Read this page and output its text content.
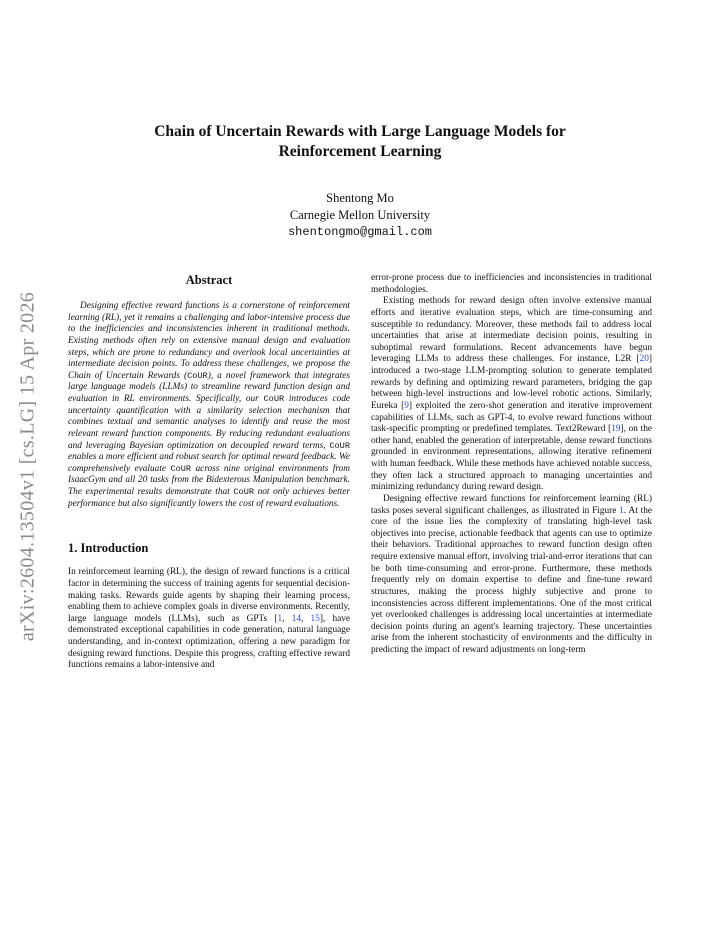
Chain of Uncertain Rewards with Large Language Models for
Reinforcement Learning
Shentong Mo
Carnegie Mellon University
shentongmo@gmail.com
arXiv:2604.13504v1 [cs.LG] 15 Apr 2026
Abstract

Designing effective reward functions is a cornerstone of reinforcement learning (RL), yet it remains a challenging and labor-intensive process due to the inefficiencies and inconsistencies inherent in traditional methods. Existing methods often rely on extensive manual design and evaluation steps, which are prone to redundancy and overlook local uncertainties at intermediate decision points. To address these challenges, we propose the Chain of Uncertain Rewards (CoUR), a novel framework that integrates large language models (LLMs) to streamline reward function design and evaluation in RL environments. Specifically, our CoUR introduces code uncertainty quantification with a similarity selection mechanism that combines textual and semantic analyses to identify and reuse the most relevant reward function components. By reducing redundant evaluations and leveraging Bayesian optimization on decoupled reward terms, CoUR enables a more efficient and robust search for optimal reward feedback. We comprehensively evaluate CoUR across nine original environments from IsaacGym and all 20 tasks from the Bidexterous Manipulation benchmark. The experimental results demonstrate that CoUR not only achieves better performance but also significantly lowers the cost of reward evaluations.

1. Introduction

In reinforcement learning (RL), the design of reward functions is a critical factor in determining the success of training agents for sequential decision-making tasks. Rewards guide agents by shaping their learning process, enabling them to achieve complex goals in diverse environments. Recently, large language models (LLMs), such as GPTs [1, 14, 15], have demonstrated exceptional capabilities in code generation, natural language understanding, and in-context optimization, offering a new paradigm for designing reward functions. Despite this progress, crafting effective reward functions remains a labor-intensive and

error-prone process due to inefficiencies and inconsistencies in traditional methodologies.

Existing methods for reward design often involve extensive manual efforts and iterative evaluation steps, which are time-consuming and susceptible to redundancy. Moreover, these methods fail to address local uncertainties that arise at intermediate decision points, resulting in suboptimal reward formulations. Recent advancements have begun leveraging LLMs to address these challenges. For instance, L2R [20] introduced a two-stage LLM-prompting solution to generate templated rewards by defining and optimizing reward parameters, bridging the gap between high-level instructions and low-level robotic actions. Similarly, Eureka [9] exploited the zero-shot generation and iterative improvement capabilities of LLMs, such as GPT-4, to evolve reward functions without task-specific prompting or predefined templates. Text2Reward [19], on the other hand, enabled the generation of interpretable, dense reward functions grounded in environment representations, allowing iterative refinement with human feedback. While these methods have achieved notable success, they often lack a structured approach to managing uncertainties and minimizing redundancy during reward design.

Designing effective reward functions for reinforcement learning (RL) tasks poses several significant challenges, as illustrated in Figure 1. At the core of the issue lies the complexity of translating high-level task objectives into precise, actionable feedback that agents can use to optimize their behaviors. Traditional approaches to reward function design often require extensive manual effort, involving trial-and-error iterations that can be both time-consuming and error-prone. Furthermore, these methods frequently rely on domain expertise to define and fine-tune reward structures, making the process highly subjective and prone to inconsistencies across different implementations. One of the most critical yet overlooked challenges is addressing local uncertainties at intermediate decision points during an agent's learning trajectory. These uncertainties arise from the inherent stochasticity of environments and the difficulty in predicting the impact of reward adjustments on long-term
